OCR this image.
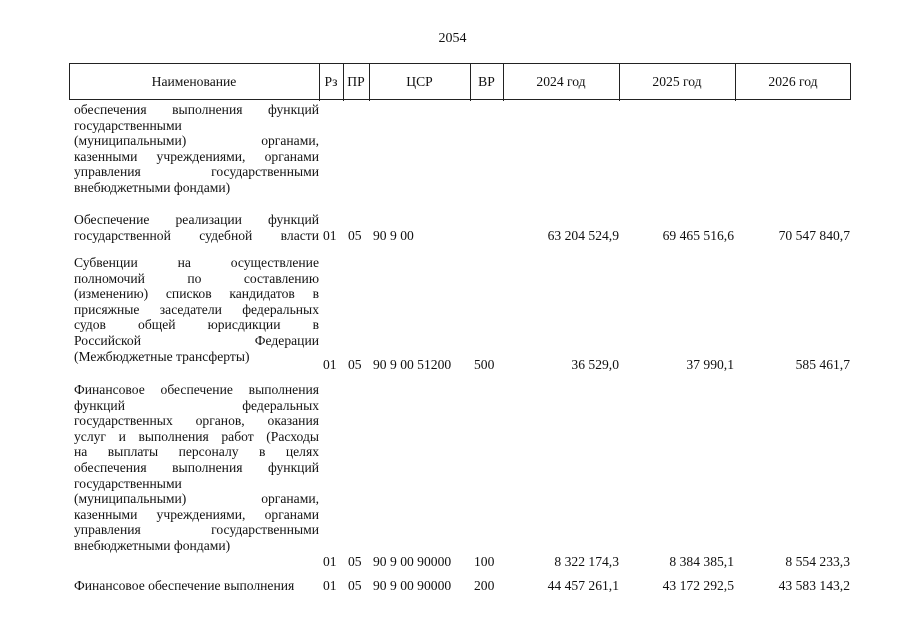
2054
Наименование	Рз ПР	ЦСР	ВР	2024 год	2025 год	2026 год
обеспечения выполнения функций
государственными
(муниципальными) органами,
казенными учреждениями, органами
управления государственными
внебюджетными фондами)
Обеспечение реализации функций
государственной судебной власти 01 05 90 9 00	63 204 524,9	69 465 516,6	70 547 840,7
Субвенции на осуществление
полномочий по составлению
(изменению) списков кандидатов в
присяжные заседатели федеральных
судов общей юрисдикции в
Российской Федерации
(Межбюджетные трансферты)
01 05 90 9 00 51200 500	36 529,0	37 990,1	585 461,7
Финансовое обеспечение выполнения
функций федеральных
государственных органов, оказания
услуг и выполнения работ (Расходы
на выплаты персоналу в целях
обеспечения выполнения функций
государственными
(муниципальными) органами,
казенными учреждениями, органами
управления государственными
внебюджетными фондами)
01 05 90 9 00 90000 100	8 322 174,3	8 384 385,1	8 554 233,3
Финансовое обеспечение выполнения	01 05 90 9 00 90000 200	44 457 261,1	43 172 292,5	43 583 143,2
